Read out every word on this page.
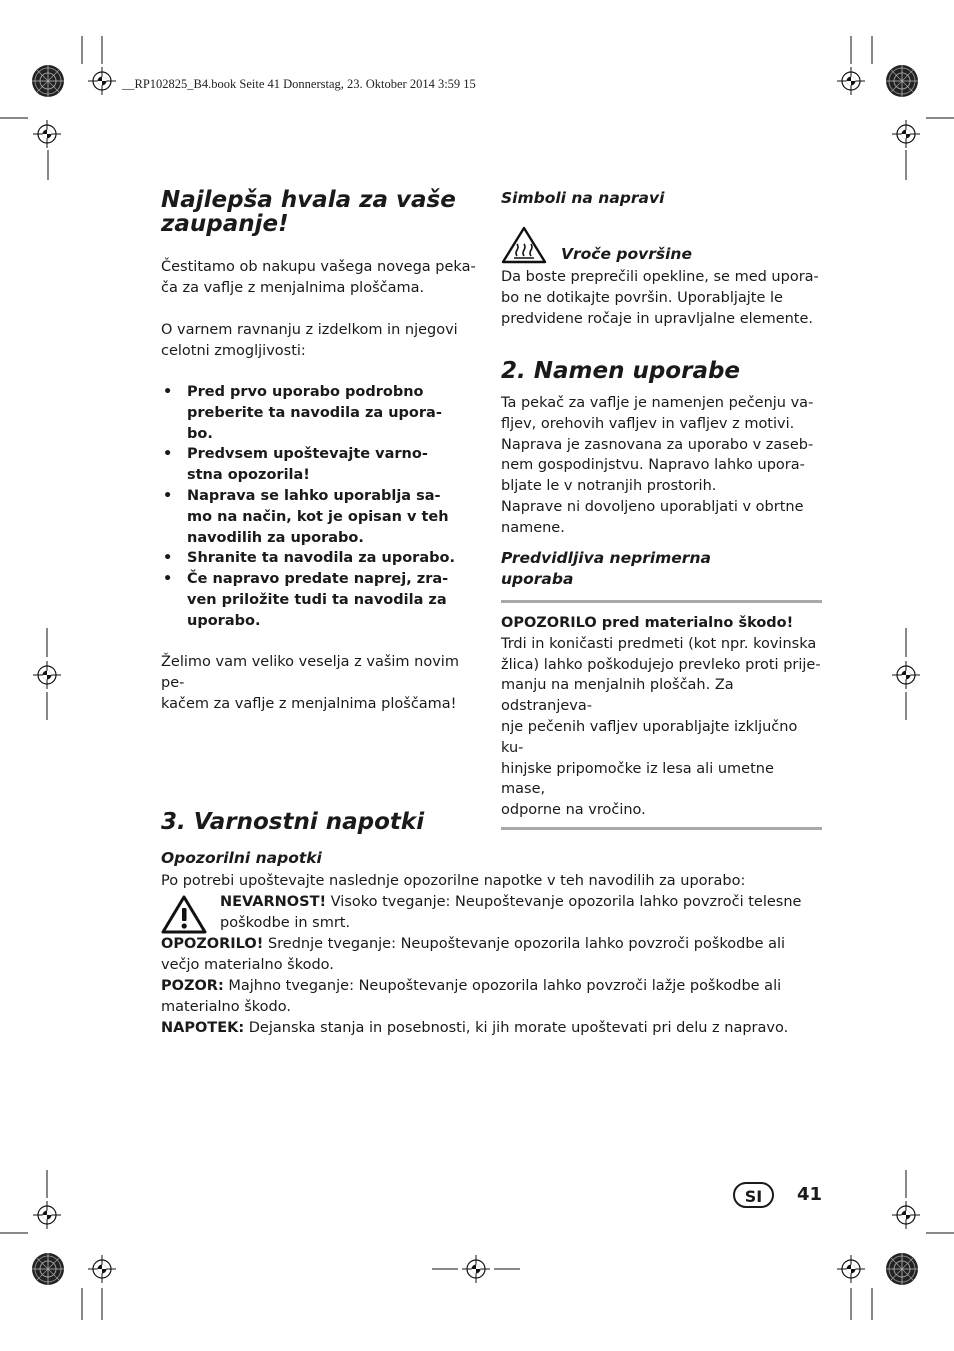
__RP102825_B4.book Seite 41 Donnerstag, 23. Oktober 2014 3:59 15
Najlepša hvala za vaše zaupanje!
Čestitamo ob nakupu vašega novega peka-
ča za vaflje z menjalnima ploščama.
O varnem ravnanju z izdelkom in njegovi
celotni zmogljivosti:
• Pred prvo uporabo podrobno
preberite ta navodila za upora-
bo.
• Predvsem upoštevajte varno-
stna opozorila!
• Naprava se lahko uporablja sa-
mo na način, kot je opisan v teh
navodilih za uporabo.
• Shranite ta navodila za uporabo.
• Če napravo predate naprej, zra-
ven priložite tudi ta navodila za
uporabo.
Želimo vam veliko veselja z vašim novim pe-
kačem za vaflje z menjalnima ploščama!
Simboli na napravi
Vroče površine
Da boste preprečili opekline, se med upora-
bo ne dotikajte površin. Uporabljajte le
predvidene ročaje in upravljalne elemente.
2. Namen uporabe
Ta pekač za vaflje je namenjen pečenju va-
fljev, orehovih vafljev in vafljev z motivi.
Naprava je zasnovana za uporabo v zaseb-
nem gospodinjstvu. Napravo lahko upora-
bljate le v notranjih prostorih.
Naprave ni dovoljeno uporabljati v obrtne
namene.
Predvidljiva neprimerna
uporaba
OPOZORILO pred materialno škodo!
Trdi in koničasti predmeti (kot npr. kovinska
žlica) lahko poškodujejo prevleko proti prije-
manju na menjalnih ploščah. Za odstranjeva-
nje pečenih vafljev uporabljajte izključno ku-
hinjske pripomočke iz lesa ali umetne mase,
odporne na vročino.
3. Varnostni napotki
Opozorilni napotki
Po potrebi upoštevajte naslednje opozorilne napotke v teh navodilih za uporabo:
NEVARNOST! Visoko tveganje: Neupoštevanje opozorila lahko povzroči telesne
poškodbe in smrt.
OPOZORILO! Srednje tveganje: Neupoštevanje opozorila lahko povzroči poškodbe ali
večjo materialno škodo.
POZOR: Majhno tveganje: Neupoštevanje opozorila lahko povzroči lažje poškodbe ali
materialno škodo.
NAPOTEK: Dejanska stanja in posebnosti, ki jih morate upoštevati pri delu z napravo.
SI	41
